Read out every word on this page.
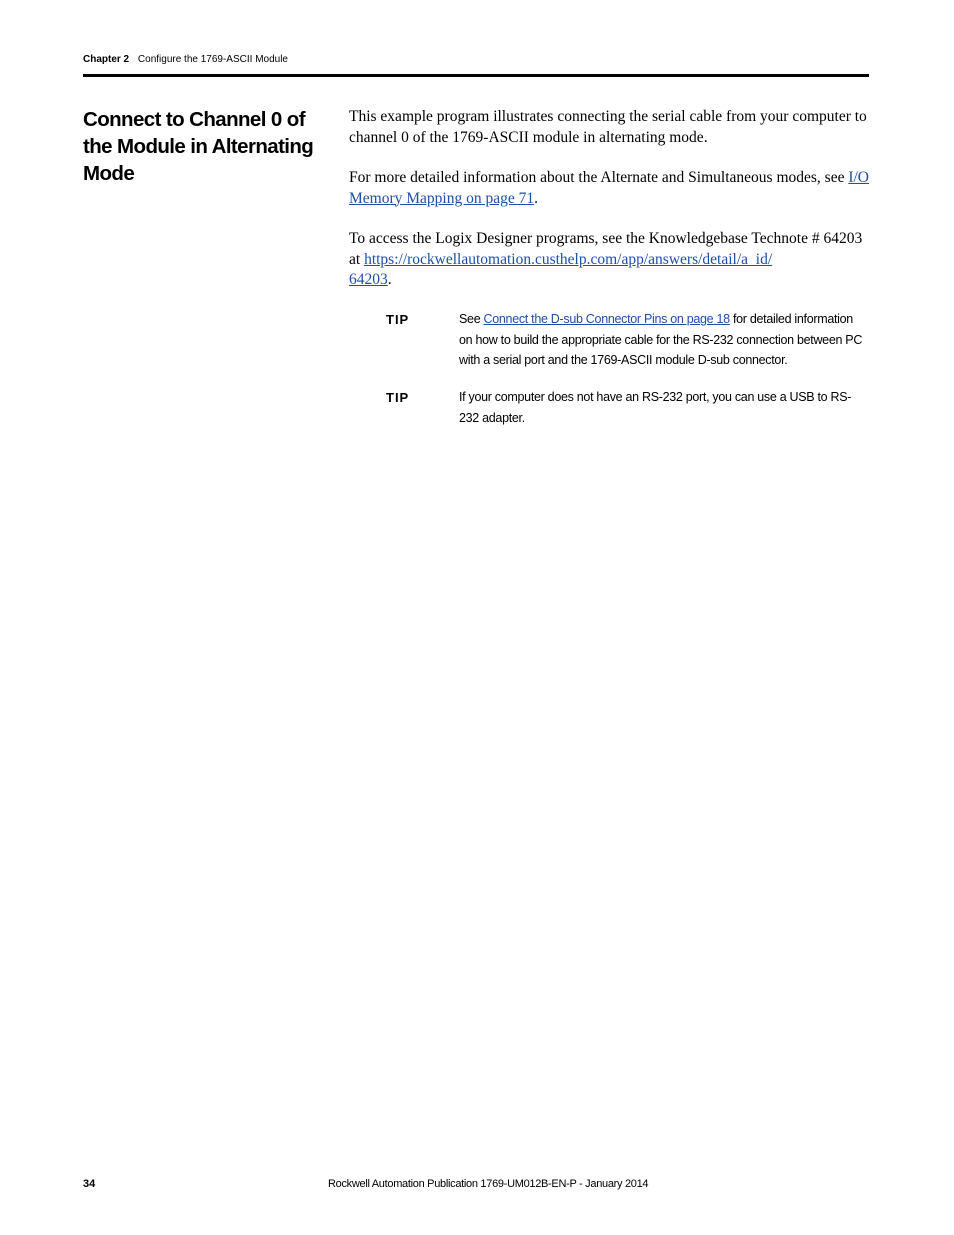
Chapter 2 Configure the 1769-ASCII Module
Connect to Channel 0 of the Module in Alternating Mode

This example program illustrates connecting the serial cable from your computer to channel 0 of the 1769-ASCII module in alternating mode.

For more detailed information about the Alternate and Simultaneous modes, see I/O Memory Mapping on page 71.

To access the Logix Designer programs, see the Knowledgebase Technote # 64203 at https://rockwellautomation.custhelp.com/app/answers/detail/a_id/
64203.

TIP	See Connect the D-sub Connector Pins on page 18 for detailed information on how to build the appropriate cable for the RS-232 connection between PC with a serial port and the 1769-ASCII module D-sub connector.
TIP	If your computer does not have an RS-232 port, you can use a USB to RS-232 adapter.
34	Rockwell Automation Publication 1769-UM012B-EN-P - January 2014
